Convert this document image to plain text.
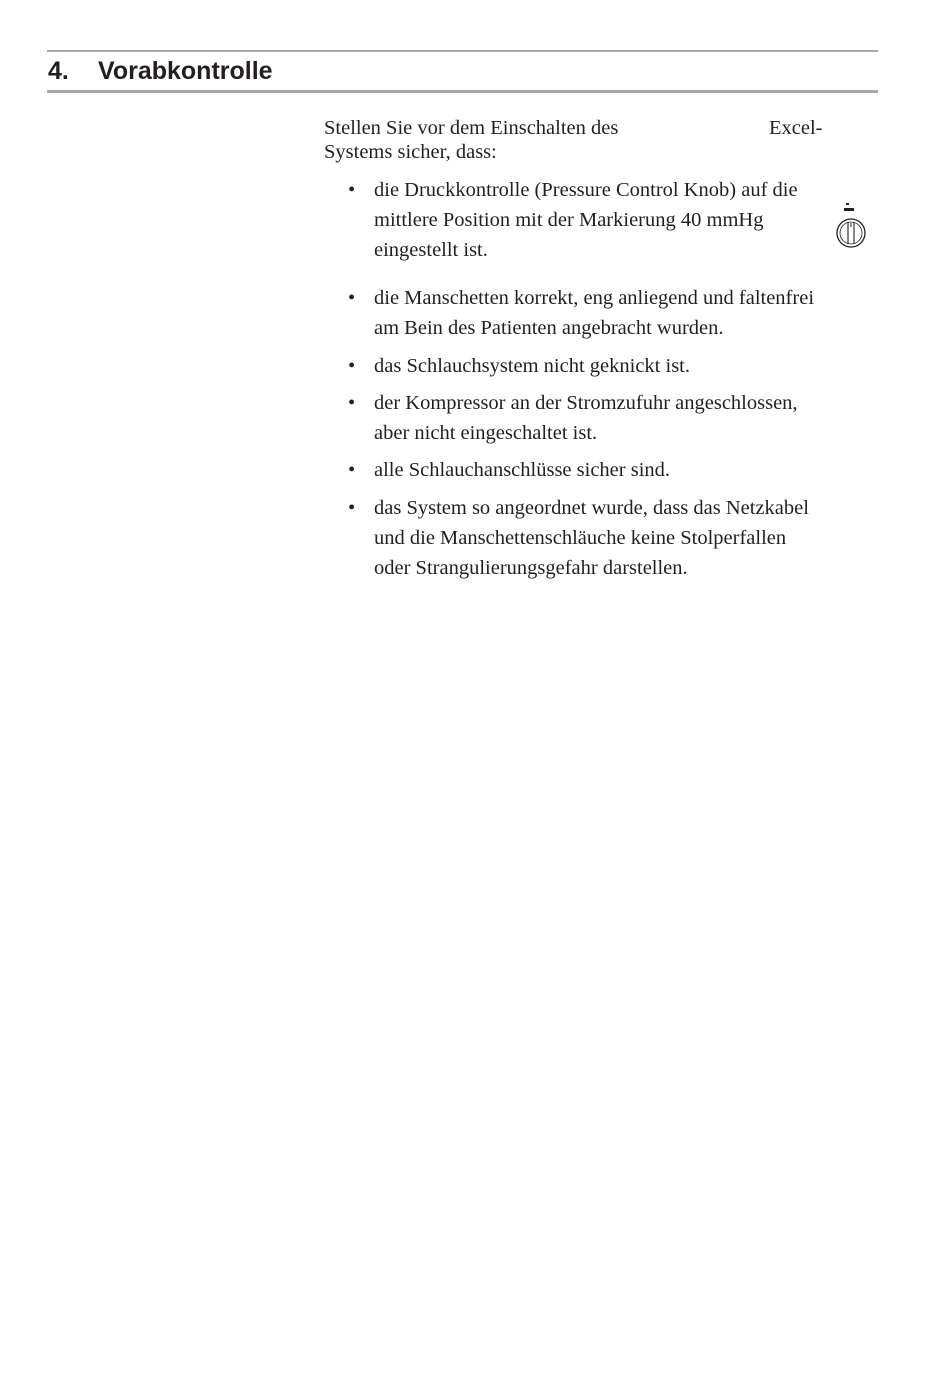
4. Vorabkontrolle
Stellen Sie vor dem Einschalten des	Excel-
Systems sicher, dass:
• die Druckkontrolle (Pressure Control Knob) auf die
mittlere Position mit der Markierung 40 mmHg
eingestellt ist.
• die Manschetten korrekt, eng anliegend und faltenfrei
am Bein des Patienten angebracht wurden.
• das Schlauchsystem nicht geknickt ist.
• der Kompressor an der Stromzufuhr angeschlossen,
aber nicht eingeschaltet ist.
• alle Schlauchanschlüsse sicher sind.
• das System so angeordnet wurde, dass das Netzkabel
und die Manschettenschläuche keine Stolperfallen
oder Strangulierungsgefahr darstellen.
